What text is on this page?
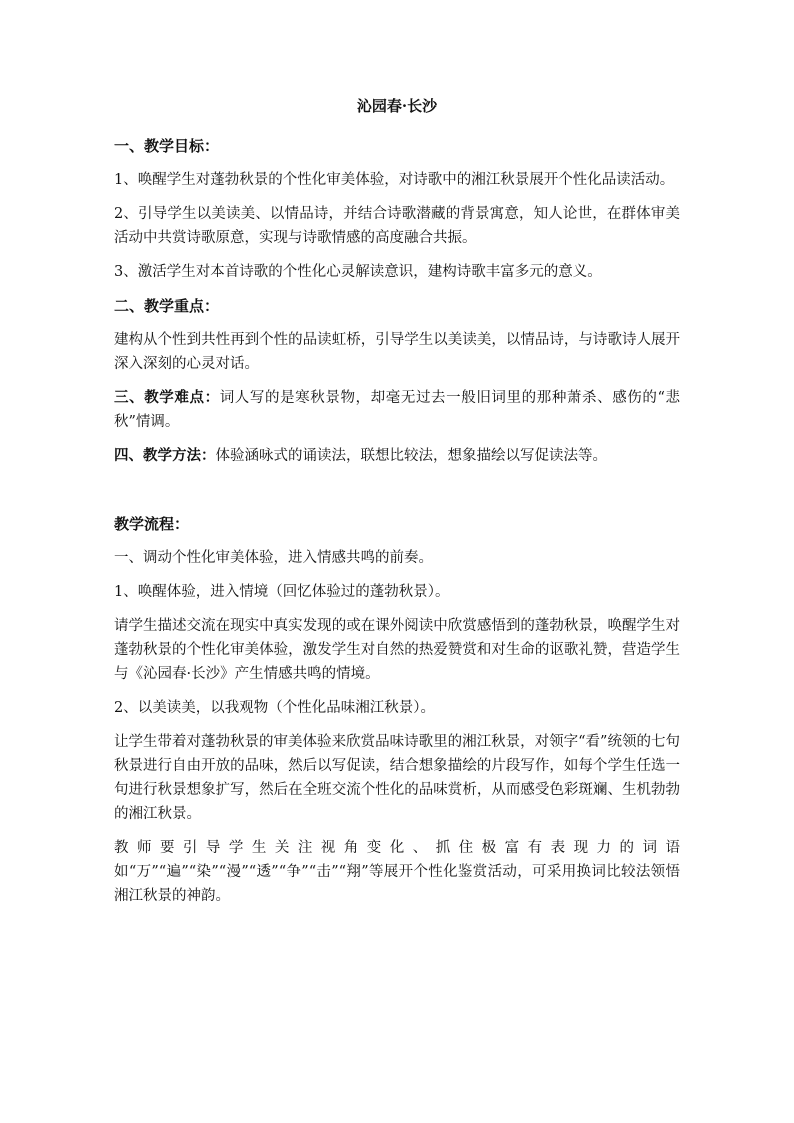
沁园春·长沙
一、教学目标：
1、唤醒学生对蓬勃秋景的个性化审美体验，对诗歌中的湘江秋景展开个性化品读活动。
2、引导学生以美读美、以情品诗，并结合诗歌潜藏的背景寓意，知人论世，在群体审美活动中共赏诗歌原意，实现与诗歌情感的高度融合共振。
3、激活学生对本首诗歌的个性化心灵解读意识，建构诗歌丰富多元的意义。
二、教学重点：
建构从个性到共性再到个性的品读虹桥，引导学生以美读美，以情品诗，与诗歌诗人展开深入深刻的心灵对话。
三、教学难点：词人写的是寒秋景物，却毫无过去一般旧词里的那种萧杀、感伤的“悲秋”情调。
四、教学方法：体验涵咏式的诵读法，联想比较法，想象描绘以写促读法等。
教学流程：
一、调动个性化审美体验，进入情感共鸣的前奏。
1、唤醒体验，进入情境（回忆体验过的蓬勃秋景）。
请学生描述交流在现实中真实发现的或在课外阅读中欣赏感悟到的蓬勃秋景，唤醒学生对蓬勃秋景的个性化审美体验，激发学生对自然的热爱赞赏和对生命的讴歌礼赞，营造学生与《沁园春·长沙》产生情感共鸣的情境。
2、以美读美，以我观物（个性化品味湘江秋景）。
让学生带着对蓬勃秋景的审美体验来欣赏品味诗歌里的湘江秋景，对领字“看”统领的七句秋景进行自由开放的品味，然后以写促读，结合想象描绘的片段写作，如每个学生任选一句进行秋景想象扩写，然后在全班交流个性化的品味赏析，从而感受色彩斑斓、生机勃勃的湘江秋景。
教师要引导学生关注视角变化、抓住极富有表现力的词语如“万”“遍”“染”“漫”“透”“争”“击”“翔”等展开个性化鉴赏活动，可采用换词比较法领悟湘江秋景的神韵。
